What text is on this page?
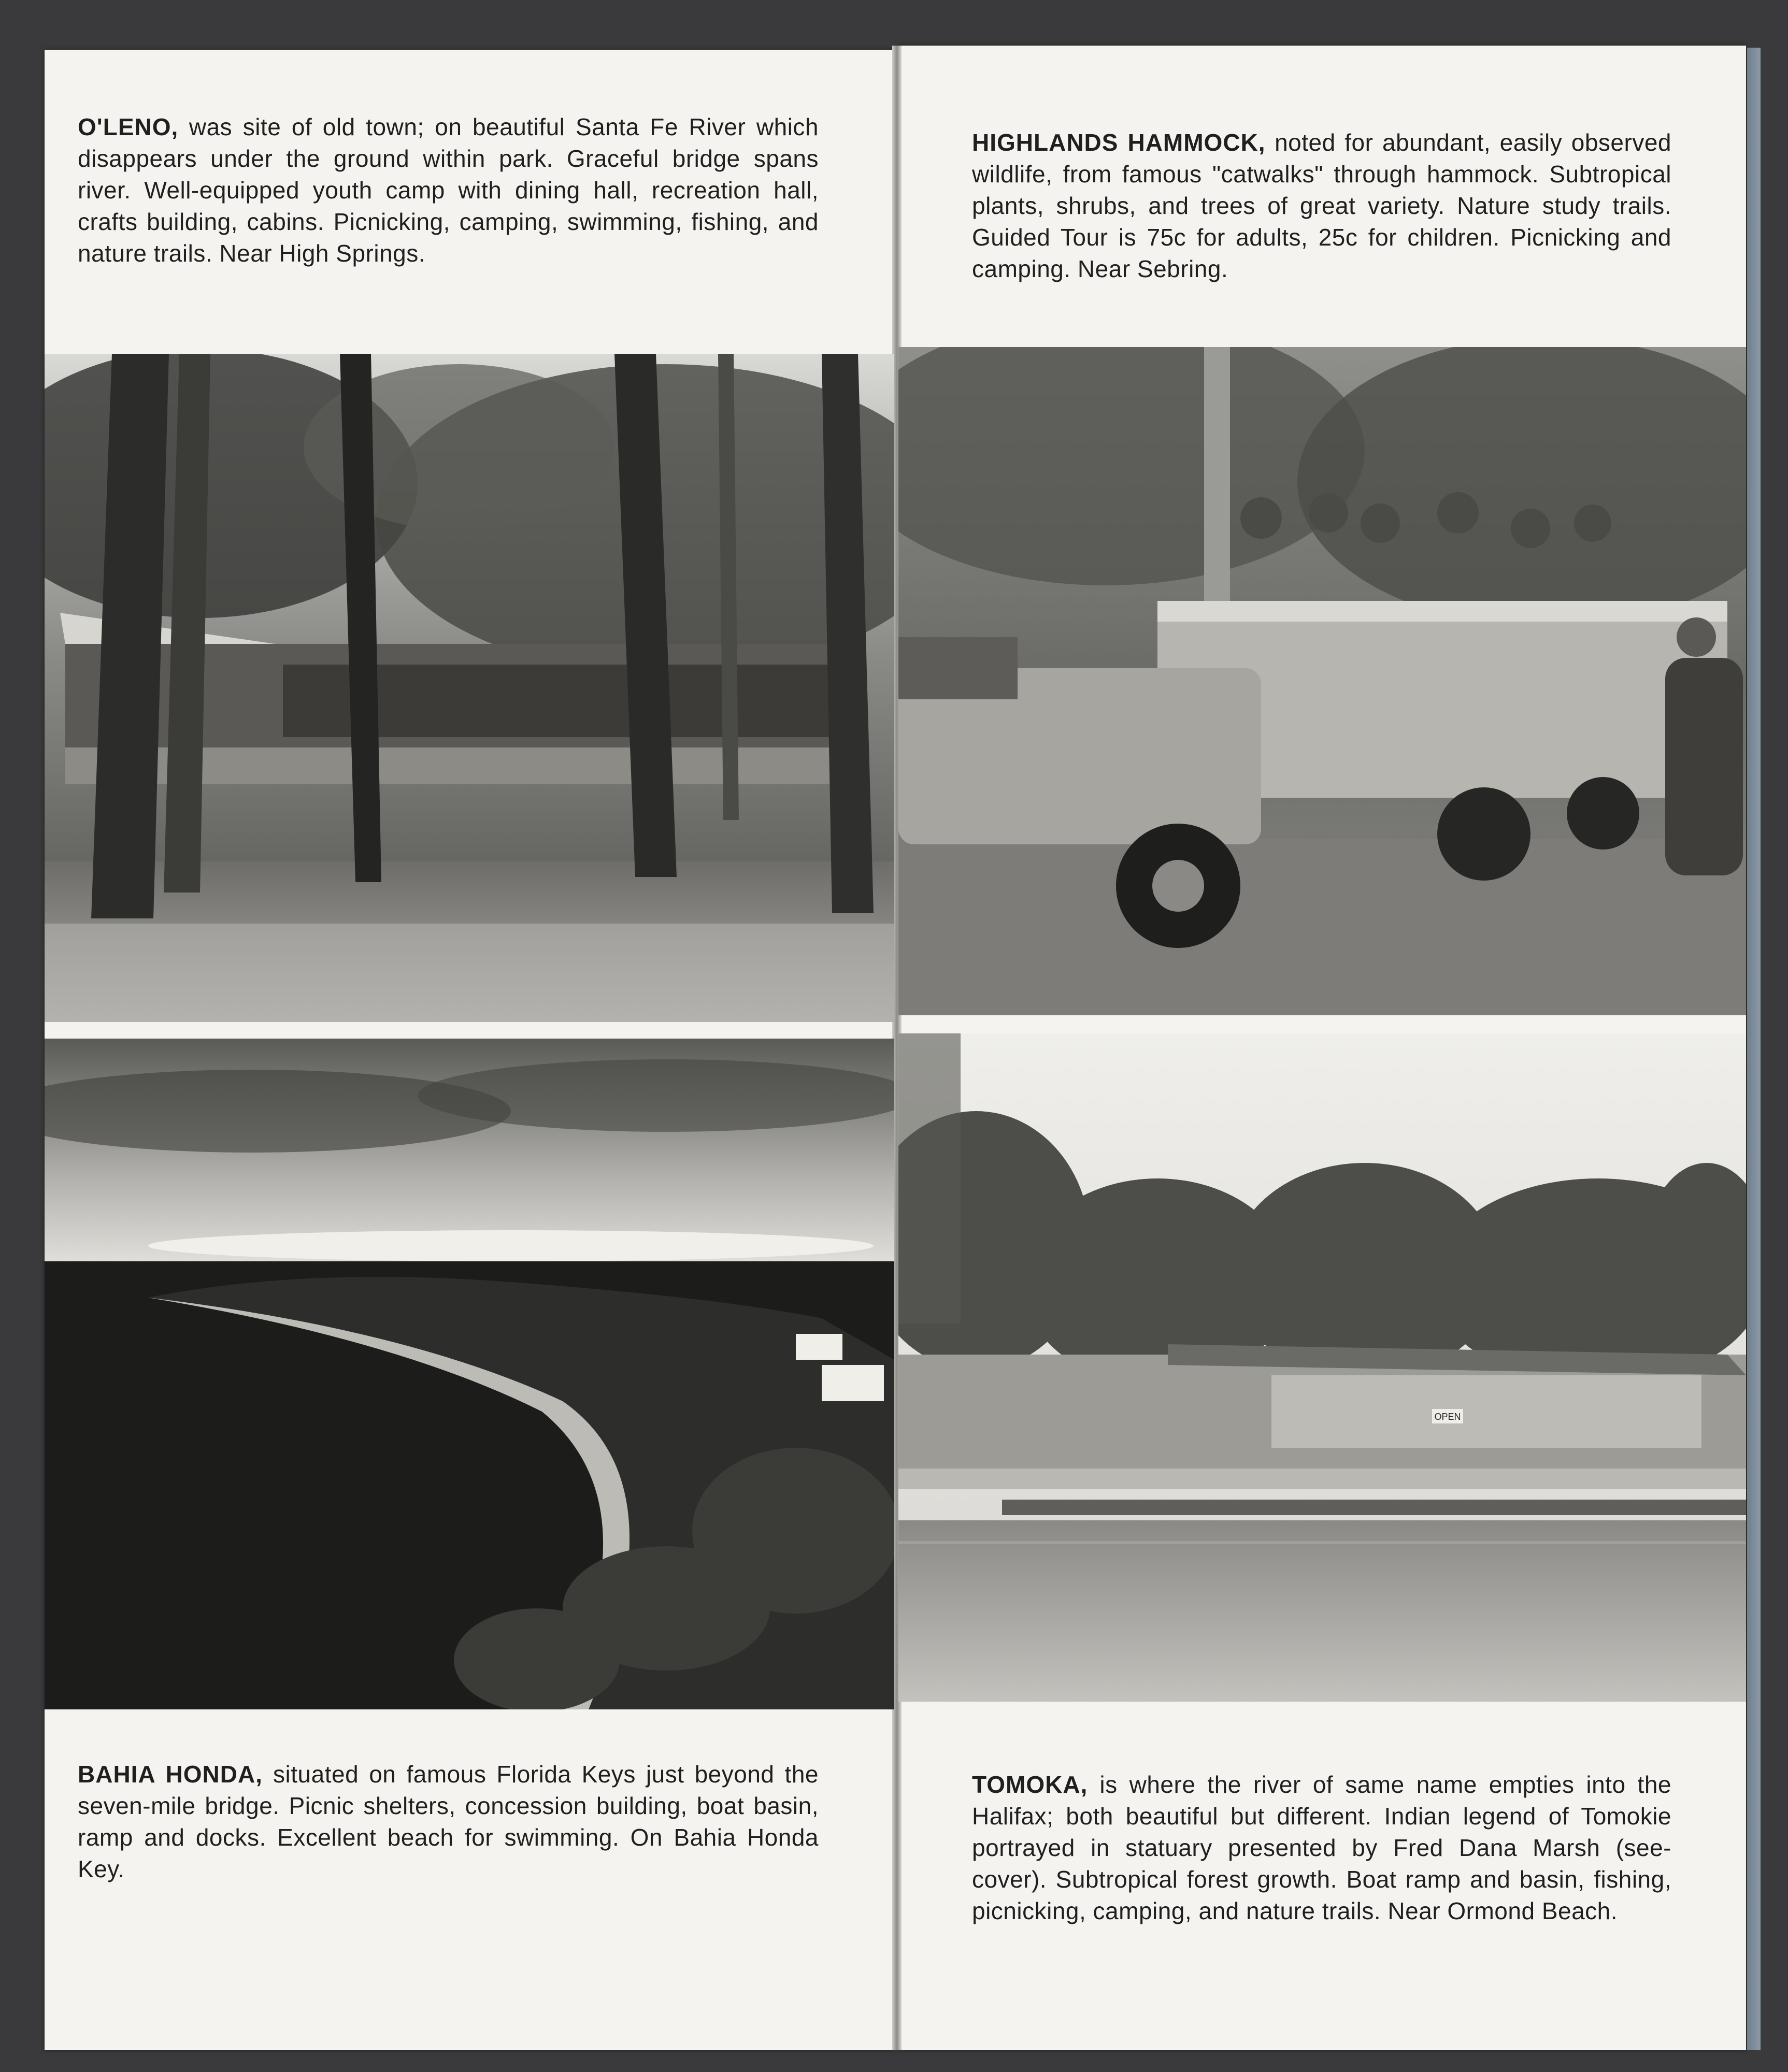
O'LENO, was site of old town; on beautiful Santa Fe River which disappears under the ground within park. Graceful bridge spans river. Well-equipped youth camp with dining hall, recreation hall, crafts building, cabins. Picnicking, camping, swimming, fishing, and nature trails. Near High Springs.

HIGHLANDS HAMMOCK, noted for abundant, easily observed wildlife, from famous "catwalks" through hammock. Subtropical plants, shrubs, and trees of great variety. Nature study trails. Guided Tour is 75c for adults, 25c for children. Picnicking and camping. Near Sebring.

OPEN

BAHIA HONDA, situated on famous Florida Keys just beyond the seven-mile bridge. Picnic shelters, concession building, boat basin, ramp and docks. Excellent beach for swimming. On Bahia Honda Key.

TOMOKA, is where the river of same name empties into the Halifax; both beautiful but different. Indian legend of Tomokie portrayed in statuary presented by Fred Dana Marsh (see-cover). Subtropical forest growth. Boat ramp and basin, fishing, picnicking, camping, and nature trails. Near Ormond Beach.
